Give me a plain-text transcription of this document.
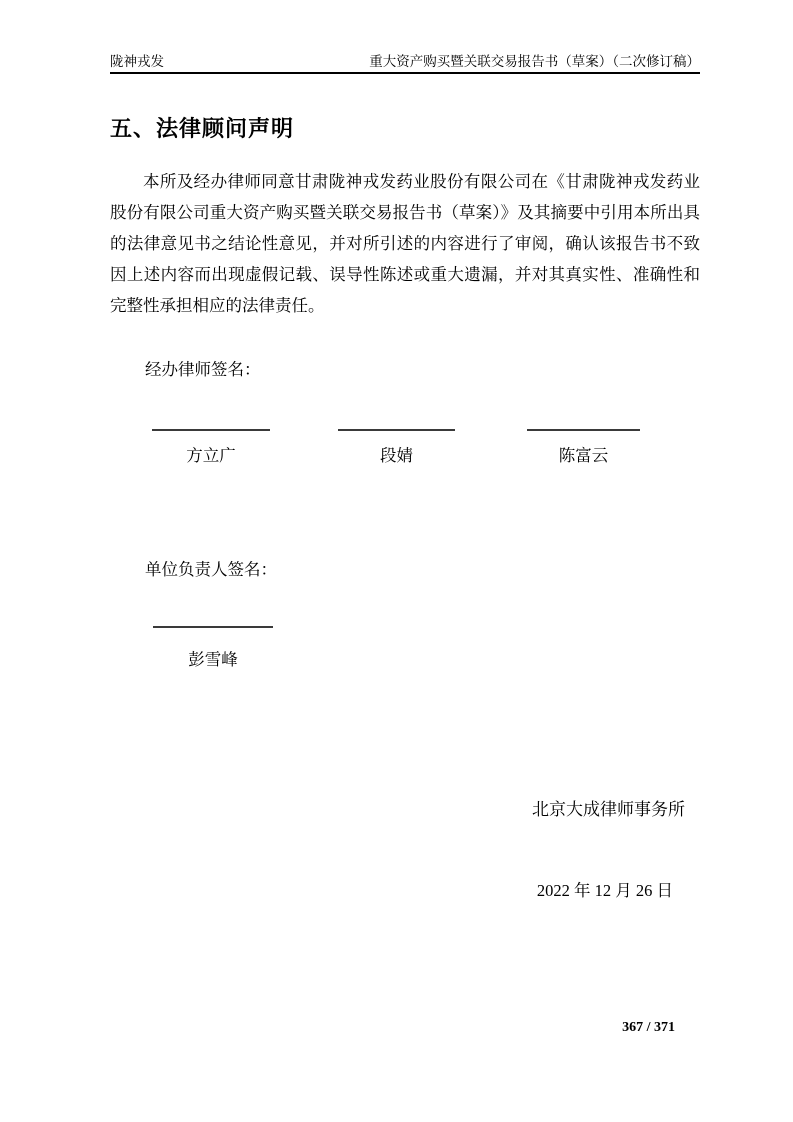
陇神戎发	重大资产购买暨关联交易报告书（草案）（二次修订稿）
五、法律顾问声明

本所及经办律师同意甘肃陇神戎发药业股份有限公司在《甘肃陇神戎发药业股份有限公司重大资产购买暨关联交易报告书（草案）》及其摘要中引用本所出具的法律意见书之结论性意见，并对所引述的内容进行了审阅，确认该报告书不致因上述内容而出现虚假记载、误导性陈述或重大遗漏，并对其真实性、准确性和完整性承担相应的法律责任。

经办律师签名：
方立广	段婧	陈富云
单位负责人签名：
彭雪峰
北京大成律师事务所
2022 年 12 月 26 日
367 / 371
